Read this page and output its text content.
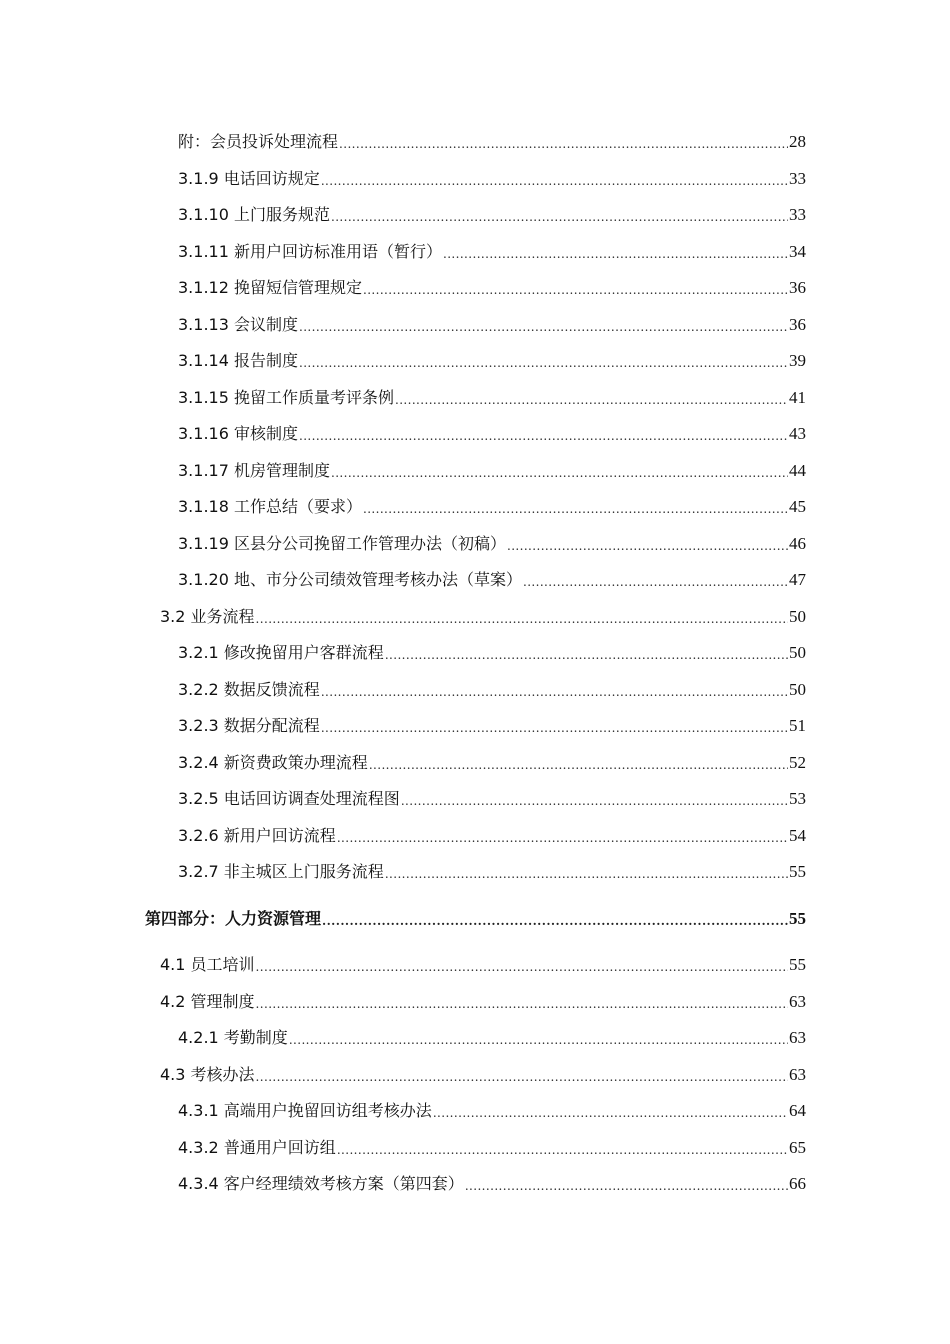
附：会员投诉处理流程 .....	28
3.1.9 电话回访规定 .....	33
3.1.10 上门服务规范 .....	33
3.1.11 新用户回访标准用语（暂行） .....	34
3.1.12 挽留短信管理规定 .....	36
3.1.13 会议制度 .....	36
3.1.14 报告制度 .....	39
3.1.15 挽留工作质量考评条例 .....	41
3.1.16 审核制度 .....	43
3.1.17 机房管理制度 .....	44
3.1.18 工作总结（要求） .....	45
3.1.19 区县分公司挽留工作管理办法（初稿） .....	46
3.1.20 地、市分公司绩效管理考核办法（草案） .....	47
3.2 业务流程 .....	50
3.2.1 修改挽留用户客群流程 .....	50
3.2.2 数据反馈流程 .....	50
3.2.3 数据分配流程 .....	51
3.2.4 新资费政策办理流程 .....	52
3.2.5 电话回访调查处理流程图 .....	53
3.2.6 新用户回访流程 .....	54
3.2.7 非主城区上门服务流程 .....	55
第四部分：人力资源管理 .....	55
4.1 员工培训 .....	55
4.2 管理制度 .....	63
4.2.1 考勤制度 .....	63
4.3 考核办法 .....	63
4.3.1 高端用户挽留回访组考核办法 .....	64
4.3.2 普通用户回访组 .....	65
4.3.4 客户经理绩效考核方案（第四套） .....	66
